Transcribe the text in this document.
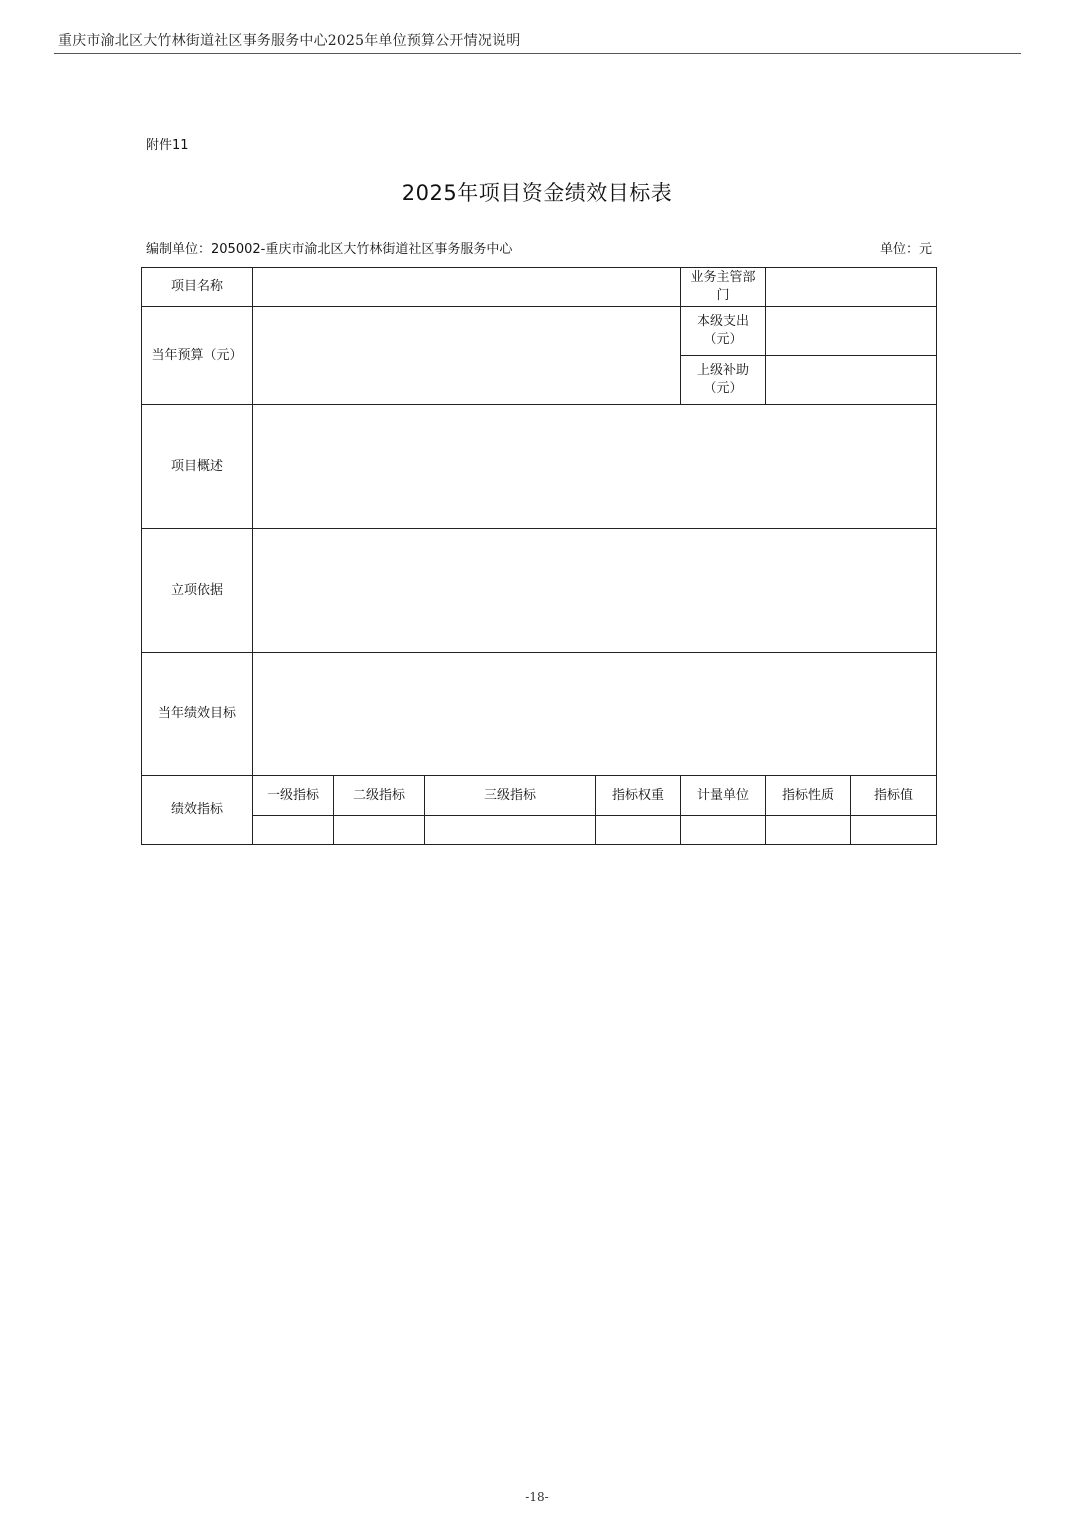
重庆市渝北区大竹林街道社区事务服务中心2025年单位预算公开情况说明
附件11
2025年项目资金绩效目标表
编制单位：205002-重庆市渝北区大竹林街道社区事务服务中心	单位：元
项目名称					业务主管部门		
当年预算（元）					本级支出（元）		
					上级补助（元）		
项目概述							
立项依据							
当年绩效目标							
绩效指标	一级指标	二级指标	三级指标	指标权重	计量单位	指标性质	指标值

-18-
